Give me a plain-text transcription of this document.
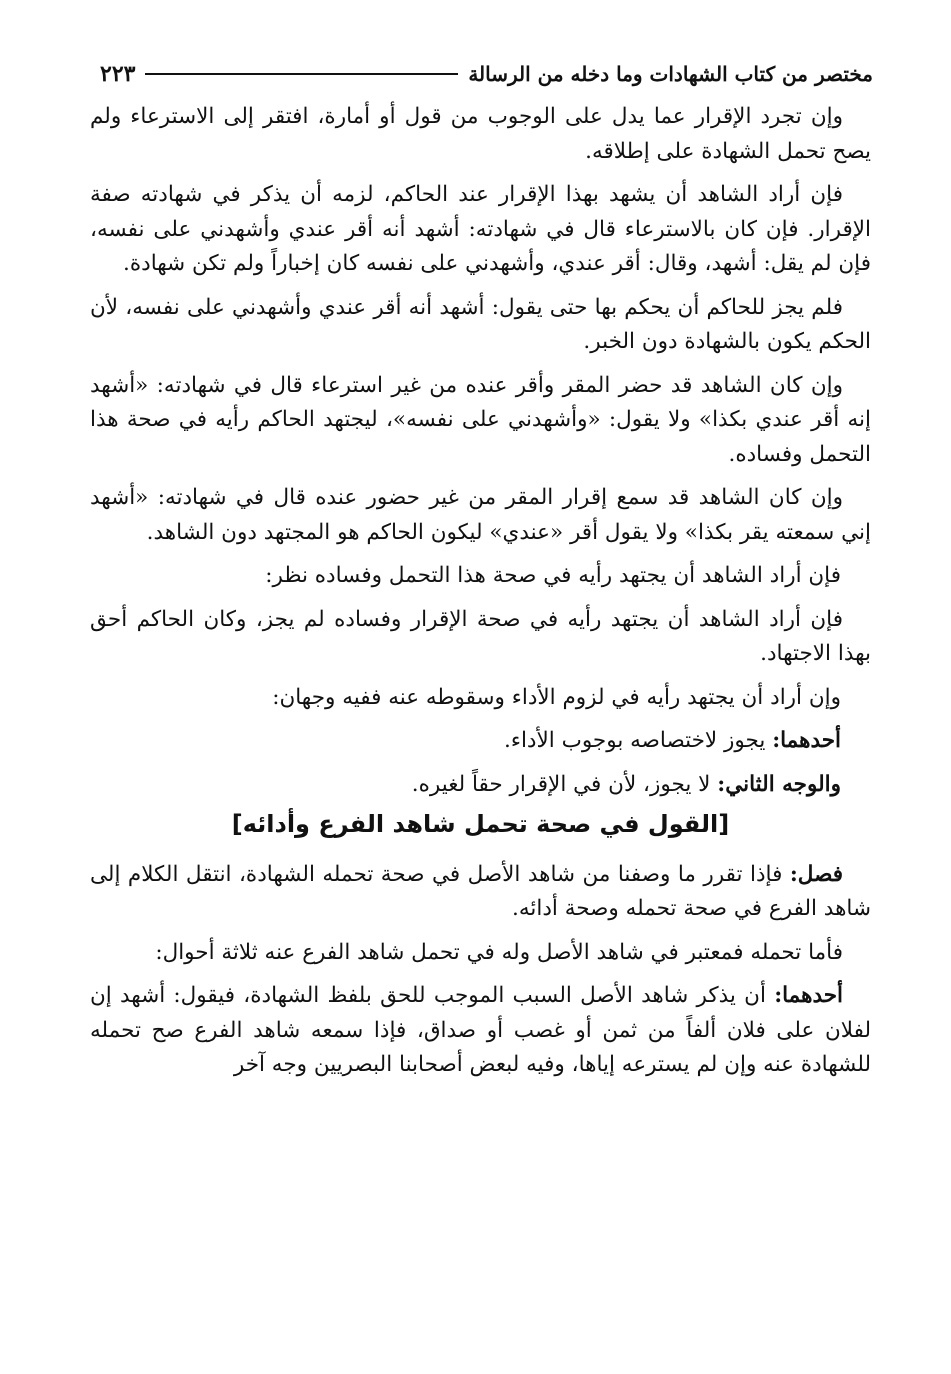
مختصر من كتاب الشهادات وما دخله من الرسالة
٢٢٣

وإن تجرد الإقرار عما يدل على الوجوب من قول أو أمارة، افتقر إلى الاسترعاء ولم يصح تحمل الشهادة على إطلاقه.

فإن أراد الشاهد أن يشهد بهذا الإقرار عند الحاكم، لزمه أن يذكر في شهادته صفة الإقرار. فإن كان بالاسترعاء قال في شهادته: أشهد أنه أقر عندي وأشهدني على نفسه، فإن لم يقل: أشهد، وقال: أقر عندي، وأشهدني على نفسه كان إخباراً ولم تكن شهادة.

فلم يجز للحاكم أن يحكم بها حتى يقول: أشهد أنه أقر عندي وأشهدني على نفسه، لأن الحكم يكون بالشهادة دون الخبر.

وإن كان الشاهد قد حضر المقر وأقر عنده من غير استرعاء قال في شهادته: «أشهد إنه أقر عندي بكذا» ولا يقول: «وأشهدني على نفسه»، ليجتهد الحاكم رأيه في صحة هذا التحمل وفساده.

وإن كان الشاهد قد سمع إقرار المقر من غير حضور عنده قال في شهادته: «أشهد إني سمعته يقر بكذا» ولا يقول أقر «عندي» ليكون الحاكم هو المجتهد دون الشاهد.

فإن أراد الشاهد أن يجتهد رأيه في صحة هذا التحمل وفساده نظر:

فإن أراد الشاهد أن يجتهد رأيه في صحة الإقرار وفساده لم يجز، وكان الحاكم أحق بهذا الاجتهاد.

وإن أراد أن يجتهد رأيه في لزوم الأداء وسقوطه عنه ففيه وجهان:

أحدهما: يجوز لاختصاصه بوجوب الأداء.

والوجه الثاني: لا يجوز، لأن في الإقرار حقاً لغيره.

[القول في صحة تحمل شاهد الفرع وأدائه]

فصل: فإذا تقرر ما وصفنا من شاهد الأصل في صحة تحمله الشهادة، انتقل الكلام إلى شاهد الفرع في صحة تحمله وصحة أدائه.

فأما تحمله فمعتبر في شاهد الأصل وله في تحمل شاهد الفرع عنه ثلاثة أحوال:

أحدهما: أن يذكر شاهد الأصل السبب الموجب للحق بلفظ الشهادة، فيقول: أشهد إن لفلان على فلان ألفاً من ثمن أو غصب أو صداق، فإذا سمعه شاهد الفرع صح تحمله للشهادة عنه وإن لم يسترعه إياها، وفيه لبعض أصحابنا البصريين وجه آخر
